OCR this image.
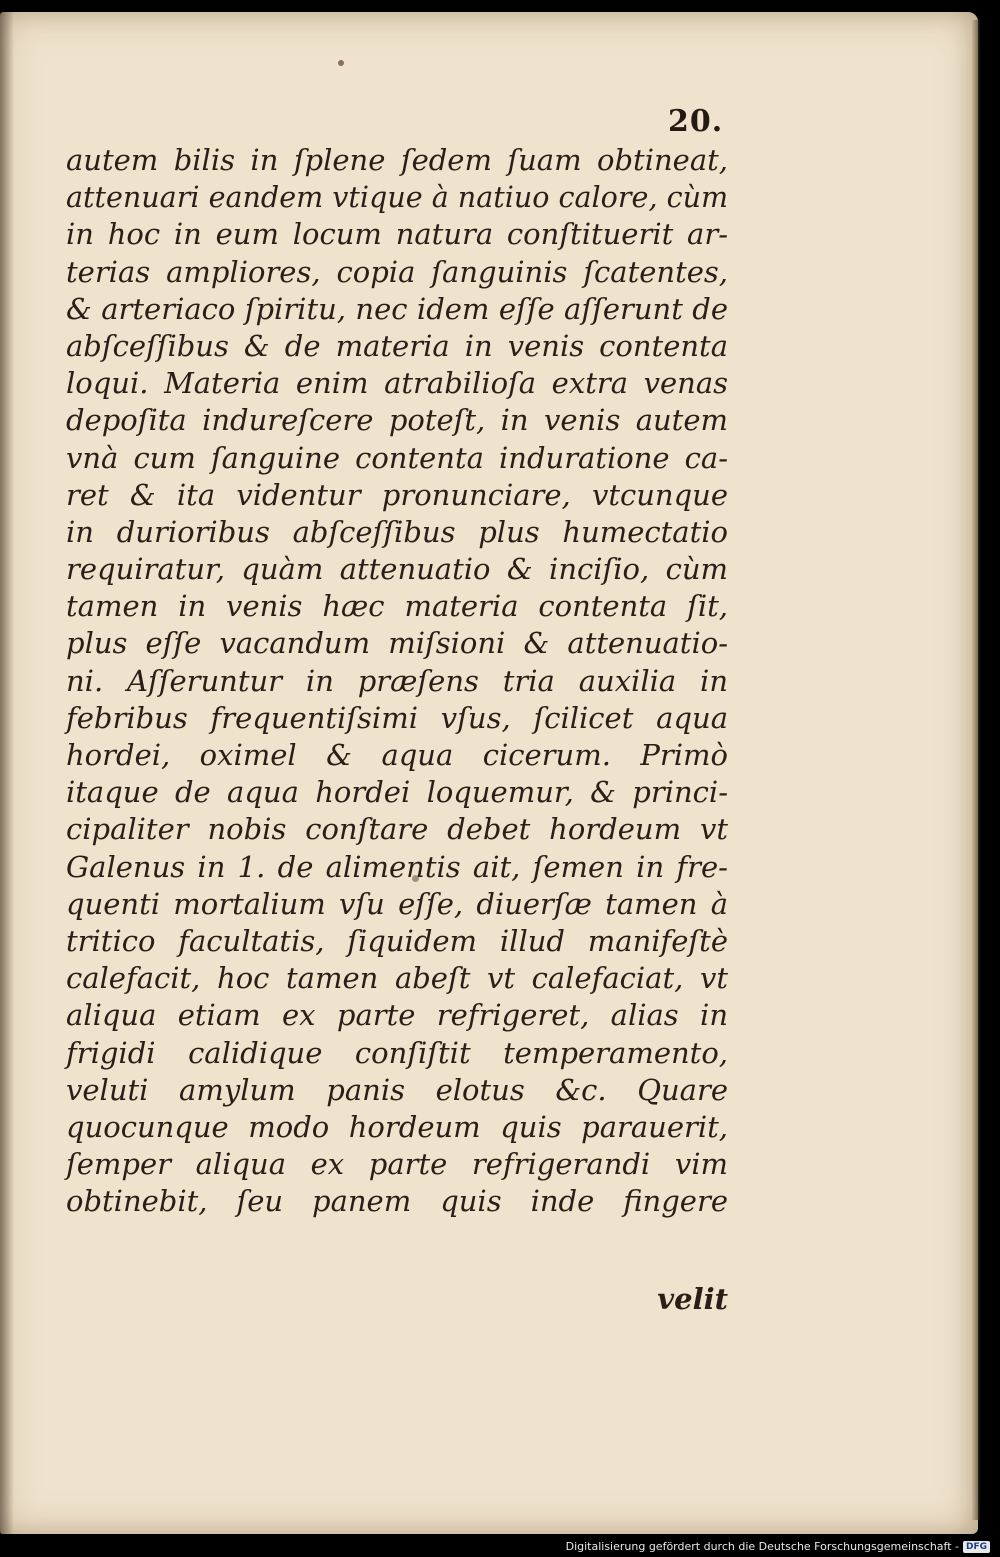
20.
autem bilis in ſplene ſedem ſuam obtineat,
attenuari eandem vtique à natiuo calore, cùm
in hoc in eum locum natura conſtituerit ar-
terias ampliores, copia ſanguinis ſcatentes,
& arteriaco ſpiritu, nec idem eſſe aſſerunt de
abſceſſibus & de materia in venis contenta
loqui. Materia enim atrabilioſa extra venas
depoſita indureſcere poteſt, in venis autem
vnà cum ſanguine contenta induratione ca-
ret & ita videntur pronunciare, vtcunque
in durioribus abſceſſibus plus humectatio
requiratur, quàm attenuatio & inciſio, cùm
tamen in venis hæc materia contenta ſit,
plus eſſe vacandum miſsioni & attenuatio-
ni. Aſſeruntur in præſens tria auxilia in
febribus frequentiſsimi vſus, ſcilicet aqua
hordei, oximel & aqua cicerum. Primò
itaque de aqua hordei loquemur, & princi-
cipaliter nobis conſtare debet hordeum vt
Galenus in 1. de alimentis ait, ſemen in fre-
quenti mortalium vſu eſſe, diuerſæ tamen à
tritico facultatis, ſiquidem illud manifeſtè
calefacit, hoc tamen abeſt vt calefaciat, vt
aliqua etiam ex parte refrigeret, alias in
frigidi calidique conſiſtit temperamento,
veluti amylum panis elotus &c. Quare
quocunque modo hordeum quis parauerit,
ſemper aliqua ex parte refrigerandi vim
obtinebit, ſeu panem quis inde fingere
velit
Digitalisierung gefördert durch die Deutsche Forschungsgemeinschaft - DFG
